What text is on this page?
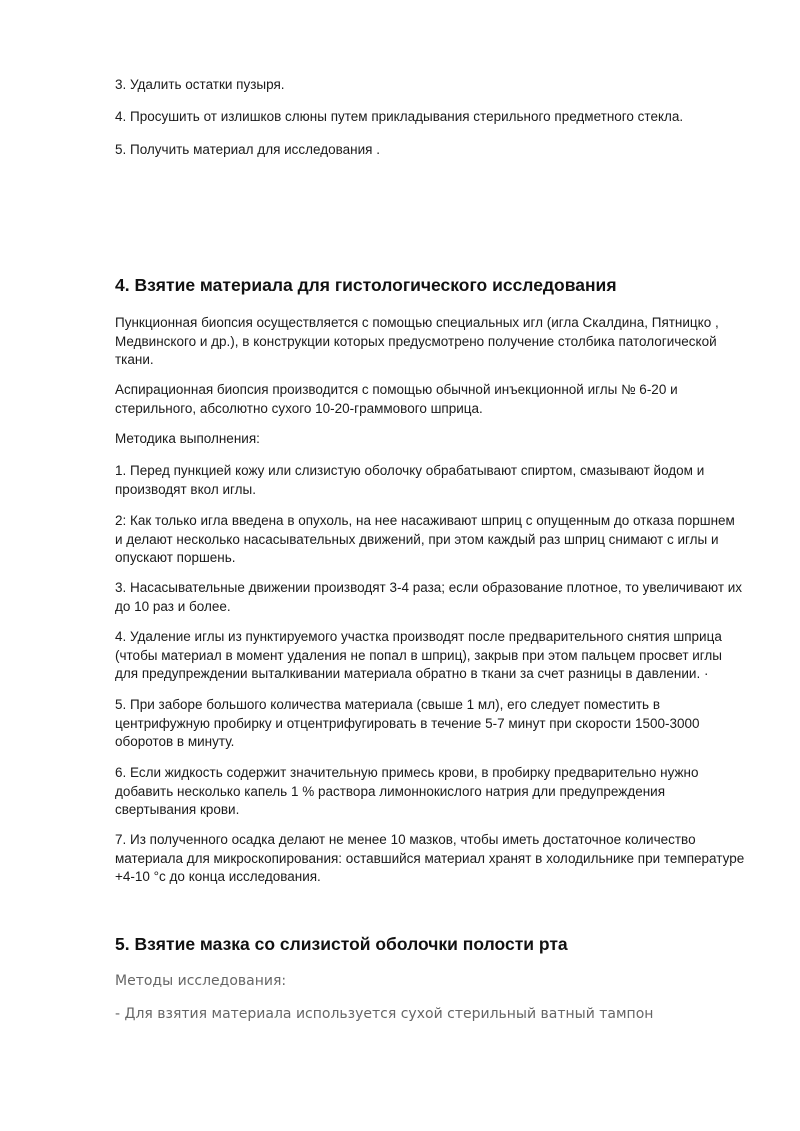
3. Удалить остатки пузыря.

4. Просушить от излишков слюны путем прикладывания стерильного предметного стекла.

5. Получить материал для исследования .

4. Взятие материала для гистологического исследования

Пункционная биопсия осуществляется с помощью специальных игл (игла Скалдина, Пятницко , Медвинского и др.), в конструкции которых предусмотрено получение столбика патологической ткани.

Аспирационная биопсия производится с помощью обычной инъекционной иглы № 6-20 и стерильного, абсолютно сухого 10-20-граммового шприца.

Методика выполнения:

1. Перед пункцией кожу или слизистую оболочку обрабатывают спиртом, смазывают йодом и производят вкол иглы.

2: Как только игла введена в опухоль, на нее насаживают шприц с опущенным до отказа поршнем и делают несколько насасывательных движений, при этом каждый раз шприц снимают с иглы и опускают поршень.

3. Насасывательные движении производят 3-4 раза; если образование плотное, то увеличивают их до 10 раз и более.

4. Удаление иглы из пунктируемого участка производят после предварительного снятия шприца (чтобы материал в момент удаления не попал в шприц), закрыв при этом пальцем просвет иглы для предупреждении выталкивании материала обратно в ткани за счет разницы в давлении. ·

5. При заборе большого количества материала (свыше 1 мл), его следует поместить в центрифужную пробирку и отцентрифугировать в течение 5-7 минут при скорости 1500-3000 оборотов в минуту.

6. Если жидкость содержит значительную примесь крови, в пробирку предварительно нужно добавить несколько капель 1 % раствора лимоннокислого натрия дли предупреждения свертывания крови.

7. Из полученного осадка делают не менее 10 мазков, чтобы иметь достаточное количество материала для микроскопирования: оставшийся материал хранят в холодильнике при температуре +4-10 °с до конца исследования.

5. Взятие мазка со слизистой оболочки полости рта

Методы исследования:

- Для взятия материала используется сухой стерильный ватный тампон
